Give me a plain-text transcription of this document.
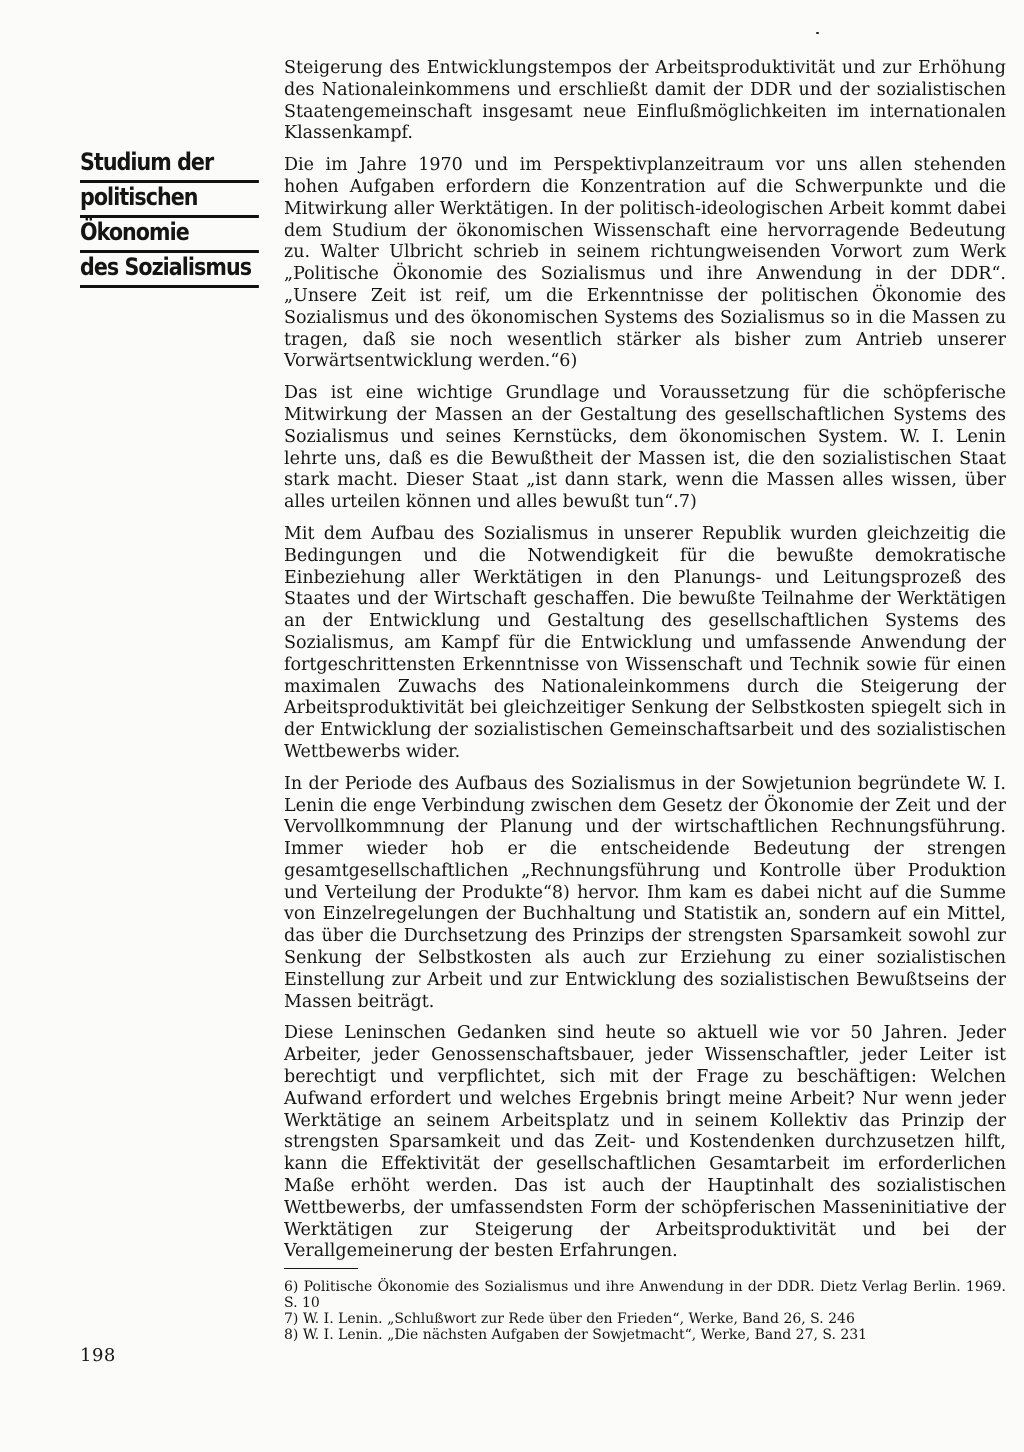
Studium der
politischen
Ökonomie
des Sozialismus

Steigerung des Entwicklungstempos der Arbeitsproduktivität und zur Erhöhung des Nationaleinkommens und erschließt damit der DDR und der sozialistischen Staatengemeinschaft insgesamt neue Einflußmöglichkeiten im internationalen Klassenkampf.

Die im Jahre 1970 und im Perspektivplanzeitraum vor uns allen stehenden hohen Aufgaben erfordern die Konzentration auf die Schwerpunkte und die Mitwirkung aller Werktätigen. In der politisch-ideologischen Arbeit kommt dabei dem Studium der ökonomischen Wissenschaft eine hervorragende Bedeutung zu. Walter Ulbricht schrieb in seinem richtungweisenden Vorwort zum Werk „Politische Ökonomie des Sozialismus und ihre Anwendung in der DDR“. „Unsere Zeit ist reif, um die Erkenntnisse der politischen Ökonomie des Sozialismus und des ökonomischen Systems des Sozialismus so in die Massen zu tragen, daß sie noch wesentlich stärker als bisher zum Antrieb unserer Vorwärtsentwicklung werden.“6)

Das ist eine wichtige Grundlage und Voraussetzung für die schöpferische Mitwirkung der Massen an der Gestaltung des gesellschaftlichen Systems des Sozialismus und seines Kernstücks, dem ökonomischen System. W. I. Lenin lehrte uns, daß es die Bewußtheit der Massen ist, die den sozialistischen Staat stark macht. Dieser Staat „ist dann stark, wenn die Massen alles wissen, über alles urteilen können und alles bewußt tun“.7)

Mit dem Aufbau des Sozialismus in unserer Republik wurden gleichzeitig die Bedingungen und die Notwendigkeit für die bewußte demokratische Einbeziehung aller Werktätigen in den Planungs- und Leitungsprozeß des Staates und der Wirtschaft geschaffen. Die bewußte Teilnahme der Werktätigen an der Entwicklung und Gestaltung des gesellschaftlichen Systems des Sozialismus, am Kampf für die Entwicklung und umfassende Anwendung der fortgeschrittensten Erkenntnisse von Wissenschaft und Technik sowie für einen maximalen Zuwachs des Nationaleinkommens durch die Steigerung der Arbeitsproduktivität bei gleichzeitiger Senkung der Selbstkosten spiegelt sich in der Entwicklung der sozialistischen Gemeinschaftsarbeit und des sozialistischen Wettbewerbs wider.

In der Periode des Aufbaus des Sozialismus in der Sowjetunion begründete W. I. Lenin die enge Verbindung zwischen dem Gesetz der Ökonomie der Zeit und der Vervollkommnung der Planung und der wirtschaftlichen Rechnungsführung. Immer wieder hob er die entscheidende Bedeutung der strengen gesamtgesellschaftlichen „Rechnungsführung und Kontrolle über Produktion und Verteilung der Produkte“8) hervor. Ihm kam es dabei nicht auf die Summe von Einzelregelungen der Buchhaltung und Statistik an, sondern auf ein Mittel, das über die Durchsetzung des Prinzips der strengsten Sparsamkeit sowohl zur Senkung der Selbstkosten als auch zur Erziehung zu einer sozialistischen Einstellung zur Arbeit und zur Entwicklung des sozialistischen Bewußtseins der Massen beiträgt.

Diese Leninschen Gedanken sind heute so aktuell wie vor 50 Jahren. Jeder Arbeiter, jeder Genossenschaftsbauer, jeder Wissenschaftler, jeder Leiter ist berechtigt und verpflichtet, sich mit der Frage zu beschäftigen: Welchen Aufwand erfordert und welches Ergebnis bringt meine Arbeit? Nur wenn jeder Werktätige an seinem Arbeitsplatz und in seinem Kollektiv das Prinzip der strengsten Sparsamkeit und das Zeit- und Kostendenken durchzusetzen hilft, kann die Effektivität der gesellschaftlichen Gesamtarbeit im erforderlichen Maße erhöht werden. Das ist auch der Hauptinhalt des sozialistischen Wettbewerbs, der umfassendsten Form der schöpferischen Masseninitiative der Werktätigen zur Steigerung der Arbeitsproduktivität und bei der Verallgemeinerung der besten Erfahrungen.

6) Politische Ökonomie des Sozialismus und ihre Anwendung in der DDR. Dietz Verlag Berlin. 1969. S. 10

7) W. I. Lenin. „Schlußwort zur Rede über den Frieden“, Werke, Band 26, S. 246

8) W. I. Lenin. „Die nächsten Aufgaben der Sowjetmacht“, Werke, Band 27, S. 231

198
